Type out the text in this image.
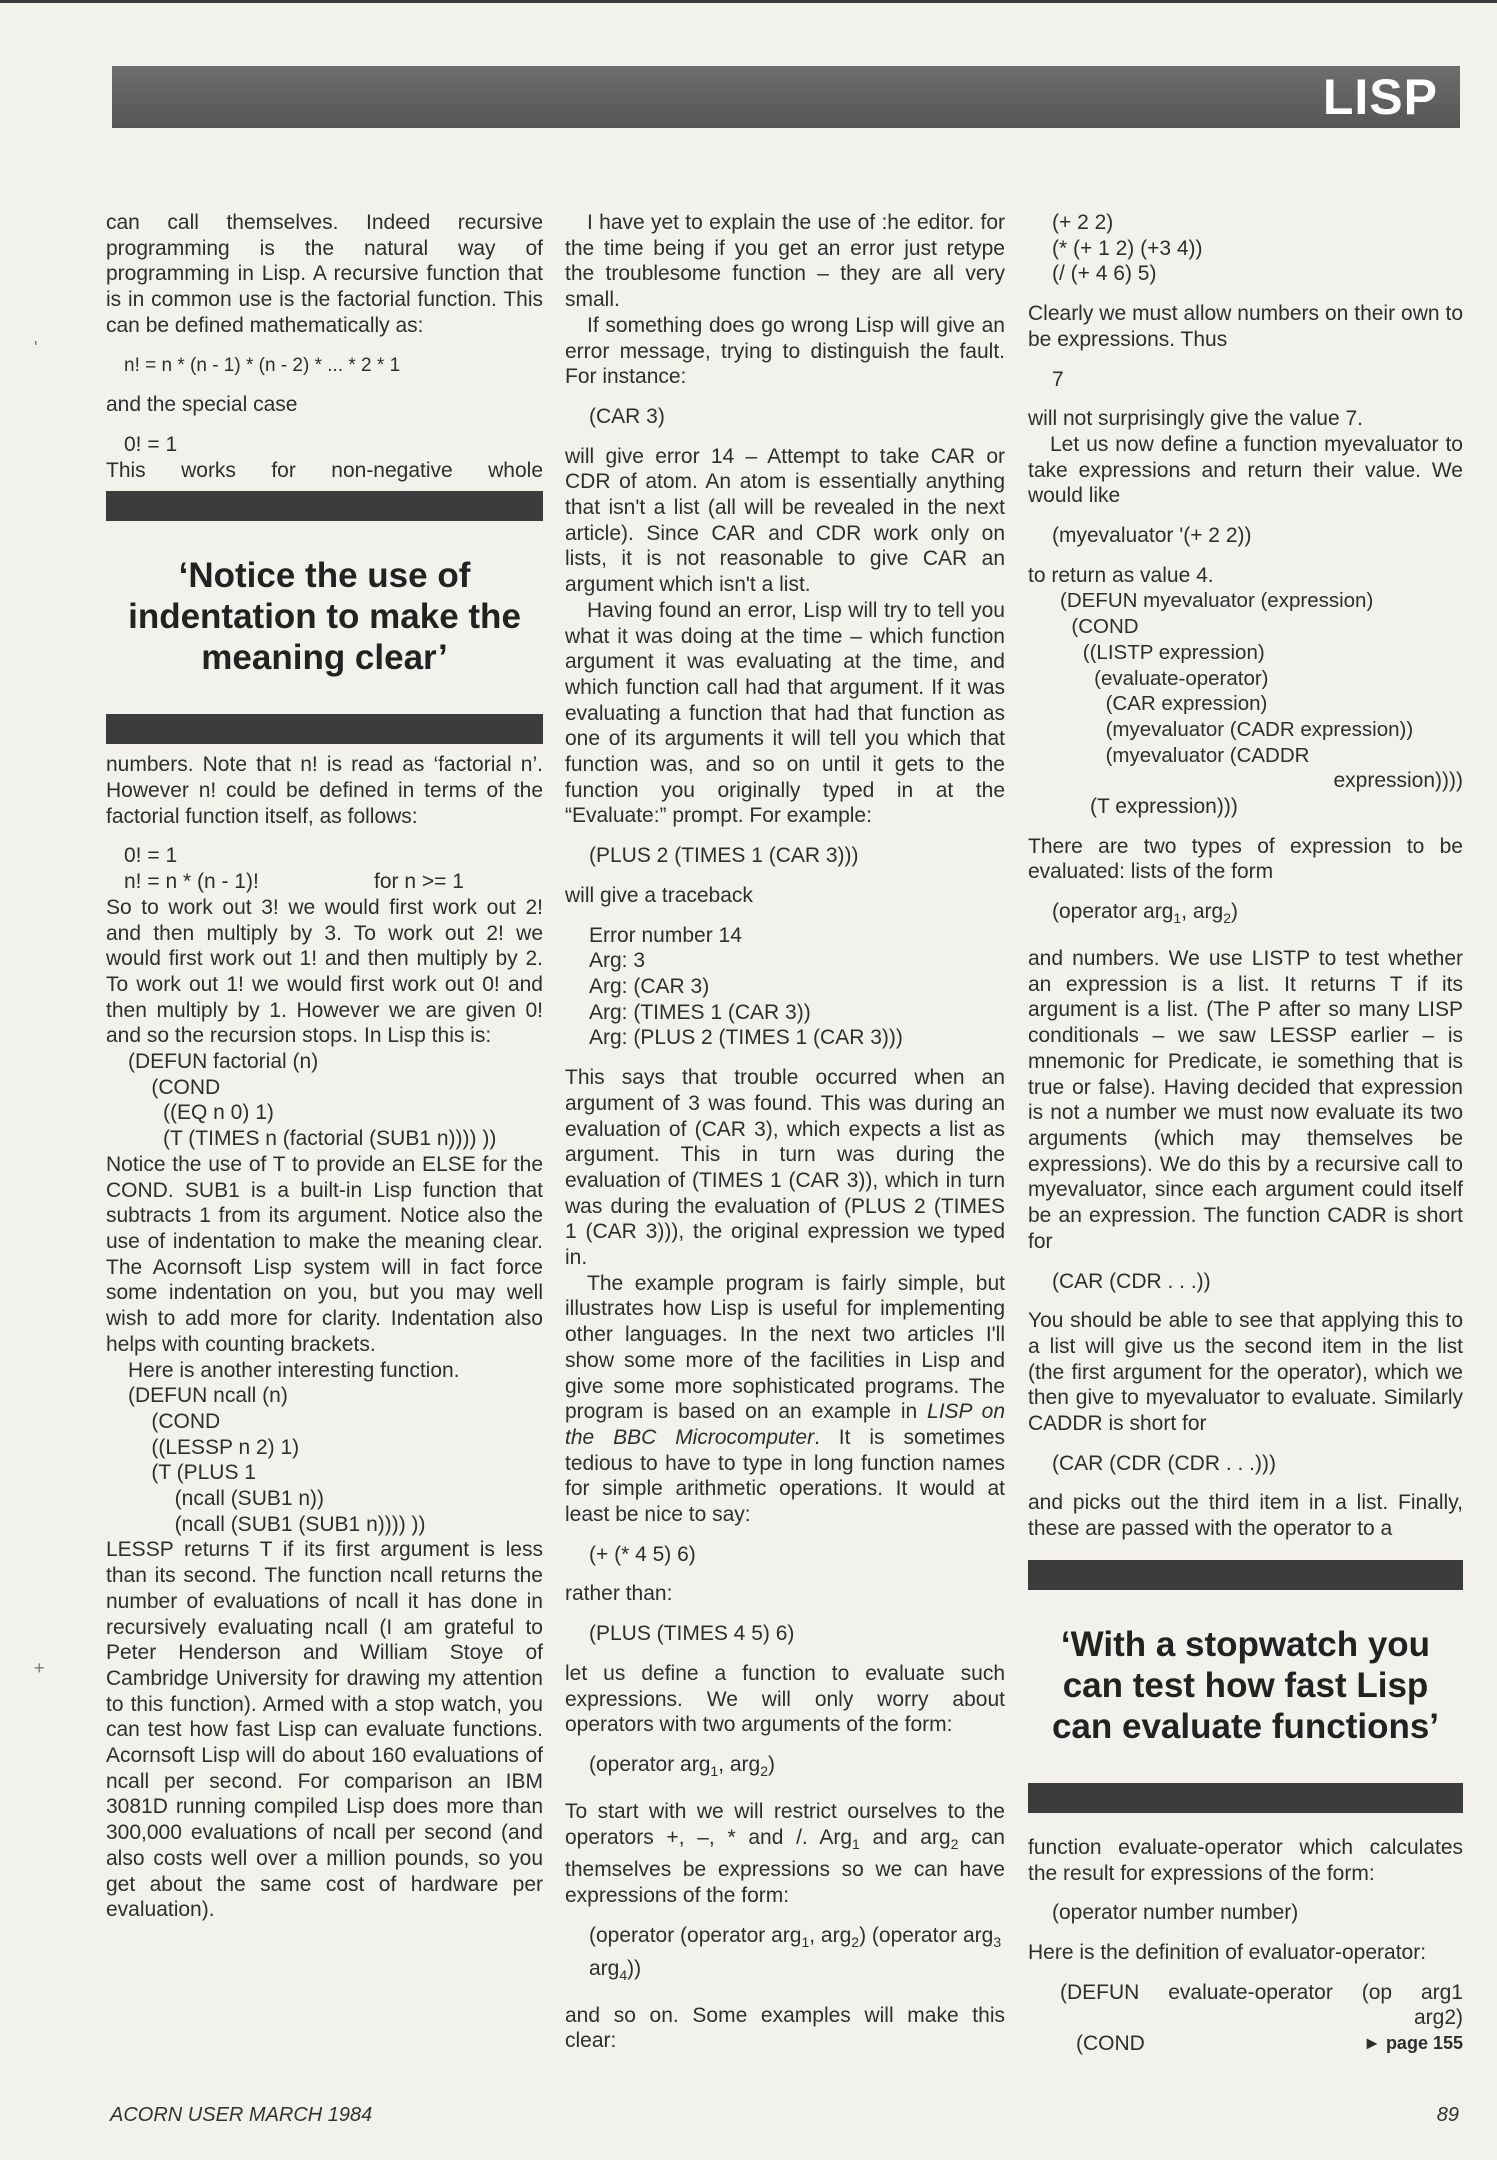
LISP
'
+

can call themselves. Indeed recursive programming is the natural way of programming in Lisp. A recursive function that is in common use is the factorial function. This can be defined mathematically as:

n! = n * (n - 1) * (n - 2) * ... * 2 * 1

and the special case

0! = 1

This works for non-negative whole

‘Notice the use of indentation to make the meaning clear’

numbers. Note that n! is read as ‘factorial n’. However n! could be defined in terms of the factorial function itself, as follows:

0! = 1
n! = n * (n - 1)!	for n >= 1

So to work out 3! we would first work out 2! and then multiply by 3. To work out 2! we would first work out 1! and then multiply by 2. To work out 1! we would first work out 0! and then multiply by 1. However we are given 0! and so the recursion stops. In Lisp this is:

(DEFUN factorial (n)
(COND
((EQ n 0) 1)
(T (TIMES n (factorial (SUB1 n)))) ))

Notice the use of T to provide an ELSE for the COND. SUB1 is a built-in Lisp function that subtracts 1 from its argument. Notice also the use of indentation to make the meaning clear. The Acornsoft Lisp system will in fact force some indentation on you, but you may well wish to add more for clarity. Indentation also helps with counting brackets.

Here is another interesting function.

(DEFUN ncall (n)
(COND
((LESSP n 2) 1)
(T (PLUS 1
(ncall (SUB1 n))
(ncall (SUB1 (SUB1 n)))) ))

LESSP returns T if its first argument is less than its second. The function ncall returns the number of evaluations of ncall it has done in recursively evaluating ncall (I am grateful to Peter Henderson and William Stoye of Cambridge University for drawing my attention to this function). Armed with a stop watch, you can test how fast Lisp can evaluate functions. Acornsoft Lisp will do about 160 evaluations of ncall per second. For comparison an IBM 3081D running compiled Lisp does more than 300,000 evaluations of ncall per second (and also costs well over a million pounds, so you get about the same cost of hardware per evaluation).

I have yet to explain the use of :he editor. for the time being if you get an error just retype the troublesome function – they are all very small.

If something does go wrong Lisp will give an error message, trying to distinguish the fault. For instance:

(CAR 3)

will give error 14 – Attempt to take CAR or CDR of atom. An atom is essentially anything that isn't a list (all will be revealed in the next article). Since CAR and CDR work only on lists, it is not reasonable to give CAR an argument which isn't a list.

Having found an error, Lisp will try to tell you what it was doing at the time – which function argument it was evaluating at the time, and which function call had that argument. If it was evaluating a function that had that function as one of its arguments it will tell you which that function was, and so on until it gets to the function you originally typed in at the “Evaluate:” prompt. For example:

(PLUS 2 (TIMES 1 (CAR 3)))

will give a traceback

Error number 14
Arg: 3
Arg: (CAR 3)
Arg: (TIMES 1 (CAR 3))
Arg: (PLUS 2 (TIMES 1 (CAR 3)))

This says that trouble occurred when an argument of 3 was found. This was during an evaluation of (CAR 3), which expects a list as argument. This in turn was during the evaluation of (TIMES 1 (CAR 3)), which in turn was during the evaluation of (PLUS 2 (TIMES 1 (CAR 3))), the original expression we typed in.

The example program is fairly simple, but illustrates how Lisp is useful for implementing other languages. In the next two articles I'll show some more of the facilities in Lisp and give some more sophisticated programs. The program is based on an example in LISP on the BBC Microcomputer. It is sometimes tedious to have to type in long function names for simple arithmetic operations. It would at least be nice to say:

(+ (* 4 5) 6)

rather than:

(PLUS (TIMES 4 5) 6)

let us define a function to evaluate such expressions. We will only worry about operators with two arguments of the form:

(operator arg$_1$, arg$_2$)

To start with we will restrict ourselves to the operators +, –, * and /. Arg$_1$ and arg$_2$ can themselves be expressions so we can have expressions of the form:

(operator (operator arg$_1$, arg$_2$) (operator arg$_3$ arg$_4$))

and so on. Some examples will make this clear:

(+ 2 2)
(* (+ 1 2) (+3 4))
(/ (+ 4 6) 5)

Clearly we must allow numbers on their own to be expressions. Thus

7

will not surprisingly give the value 7.

Let us now define a function myevaluator to take expressions and return their value. We would like

(myevaluator '(+ 2 2))

to return as value 4.

(DEFUN myevaluator (expression)
(COND
((LISTP expression)
(evaluate-operator)
(CAR expression)
(myevaluator (CADR expression))
(myevaluator (CADDR
expression))))
(T expression)))

There are two types of expression to be evaluated: lists of the form

(operator arg$_1$, arg$_2$)

and numbers. We use LISTP to test whether an expression is a list. It returns T if its argument is a list. (The P after so many LISP conditionals – we saw LESSP earlier – is mnemonic for Predicate, ie something that is true or false). Having decided that expression is not a number we must now evaluate its two arguments (which may themselves be expressions). We do this by a recursive call to myevaluator, since each argument could itself be an expression. The function CADR is short for

(CAR (CDR . . .))

You should be able to see that applying this to a list will give us the second item in the list (the first argument for the operator), which we then give to myevaluator to evaluate. Similarly CADDR is short for

(CAR (CDR (CDR . . .)))

and picks out the third item in a list. Finally, these are passed with the operator to a

‘With a stopwatch you can test how fast Lisp can evaluate functions’

function evaluate-operator which calculates the result for expressions of the form:

(operator number number)

Here is the definition of evaluator-operator:

(DEFUN evaluate-operator (op arg1
arg2)
(COND	► page 155
ACORN USER MARCH 1984	89
